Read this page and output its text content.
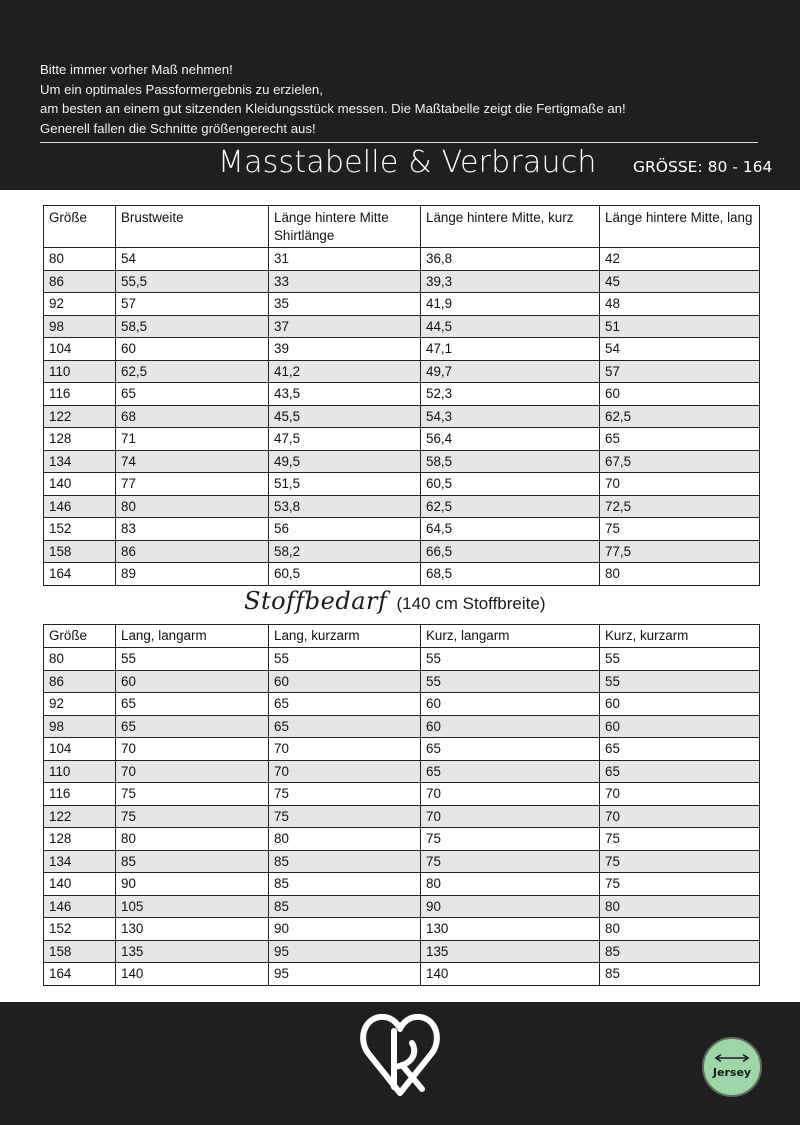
Bitte immer vorher Maß nehmen!
Um ein optimales Passformergebnis zu erzielen,
am besten an einem gut sitzenden Kleidungsstück messen. Die Maßtabelle zeigt die Fertigmaße an!
Generell fallen die Schnitte größengerecht aus!
Masstabelle & Verbrauch GRÖSSE: 80 - 164
Größe	Brustweite	Länge hintere Mitte Shirtlänge	Länge hintere Mitte, kurz	Länge hintere Mitte, lang
80	54	31	36,8	42
86	55,5	33	39,3	45
92	57	35	41,9	48
98	58,5	37	44,5	51
104	60	39	47,1	54
110	62,5	41,2	49,7	57
116	65	43,5	52,3	60
122	68	45,5	54,3	62,5
128	71	47,5	56,4	65
134	74	49,5	58,5	67,5
140	77	51,5	60,5	70
146	80	53,8	62,5	72,5
152	83	56	64,5	75
158	86	58,2	66,5	77,5
164	89	60,5	68,5	80
Stoffbedarf (140 cm Stoffbreite)
Größe	Lang, langarm	Lang, kurzarm	Kurz, langarm	Kurz, kurzarm
80	55	55	55	55
86	60	60	55	55
92	65	65	60	60
98	65	65	60	60
104	70	70	65	65
110	70	70	65	65
116	75	75	70	70
122	75	75	70	70
128	80	80	75	75
134	85	85	75	75
140	90	85	80	75
146	105	85	90	80
152	130	90	130	80
158	135	95	135	85
164	140	95	140	85
Jersey
